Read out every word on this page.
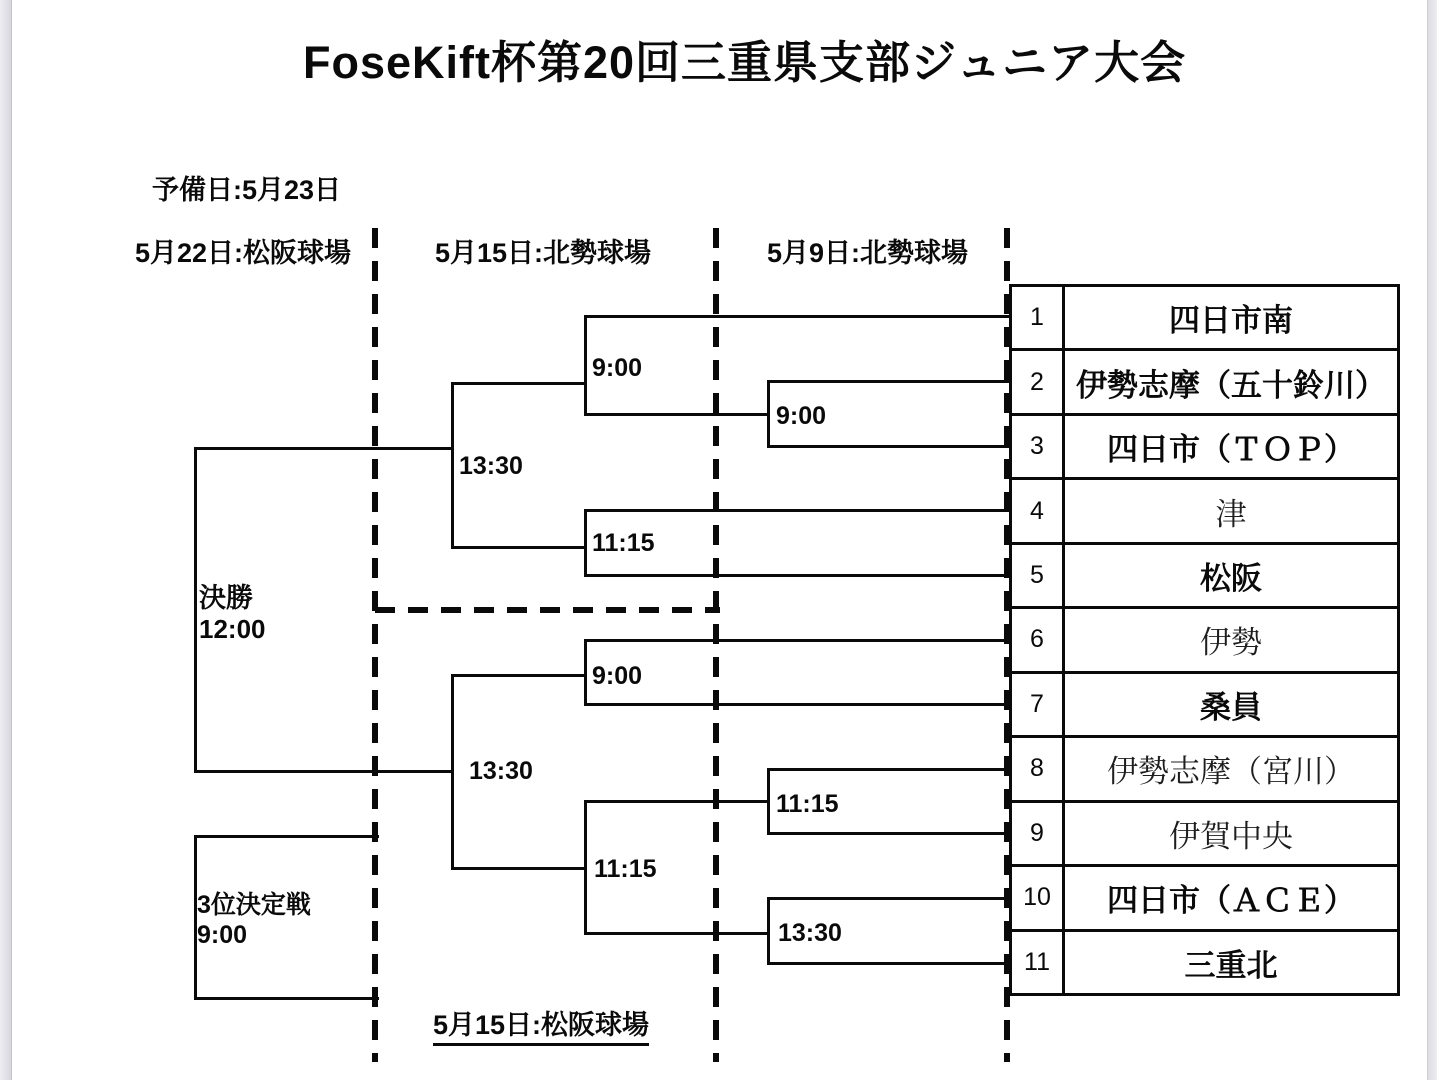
FoseKift杯第20回三重県支部ジュニア大会
予備日:5月23日
5月22日:松阪球場	5月15日:北勢球場	5月9日:北勢球場
9:00
9:00
13:30
11:15
9:00
13:30
11:15
11:15
13:30
決勝
12:00
3位決定戦
9:00
1	四日市南
2	伊勢志摩（五十鈴川）
3	四日市（ＴＯＰ）
4	津
5	松阪
6	伊勢
7	桑員
8	伊勢志摩（宮川）
9	伊賀中央
10	四日市（ＡＣＥ）
11	三重北
5月15日:松阪球場
